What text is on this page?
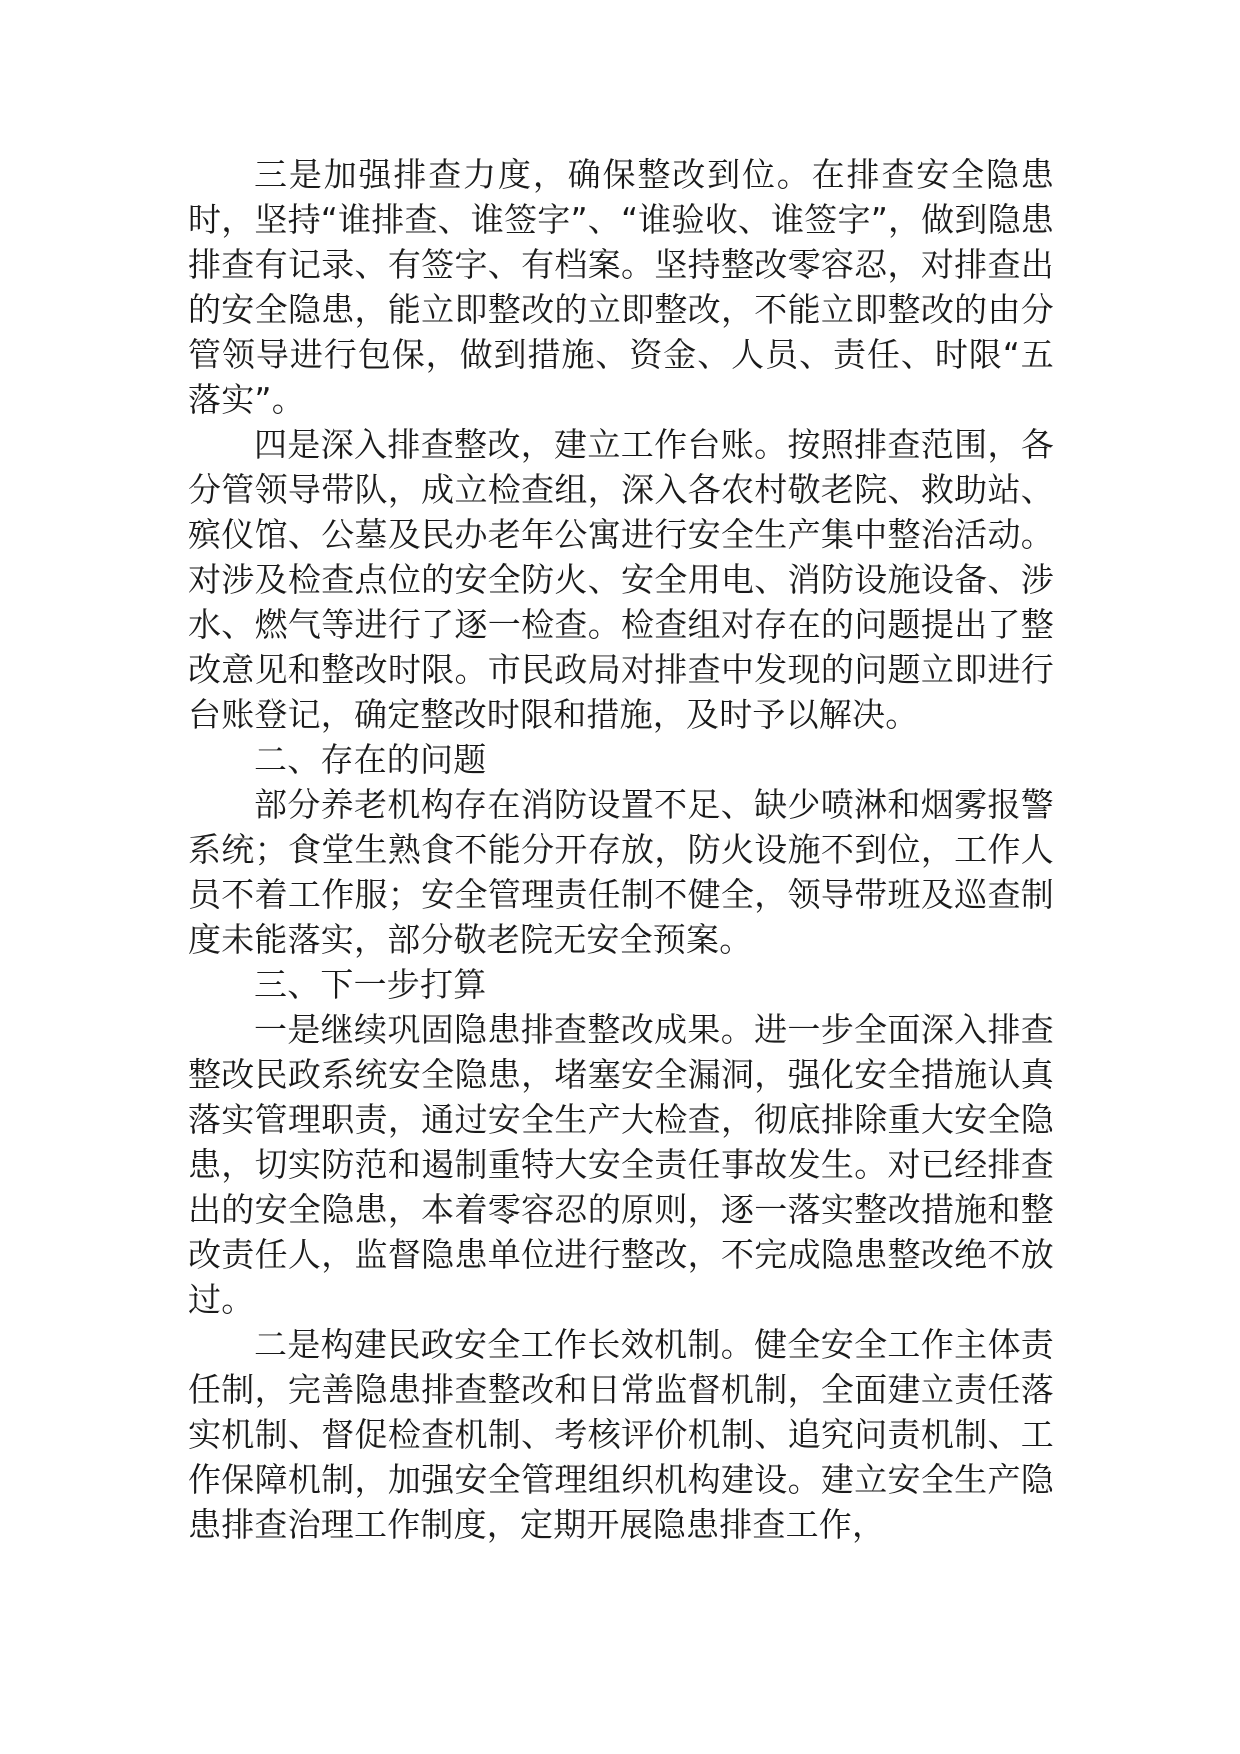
三是加强排查力度，确保整改到位。在排查安全隐患时，坚持“谁排查、谁签字”、“谁验收、谁签字”，做到隐患排查有记录、有签字、有档案。坚持整改零容忍，对排查出的安全隐患，能立即整改的立即整改，不能立即整改的由分管领导进行包保，做到措施、资金、人员、责任、时限“五落实”。

四是深入排查整改，建立工作台账。按照排查范围，各分管领导带队，成立检查组，深入各农村敬老院、救助站、殡仪馆、公墓及民办老年公寓进行安全生产集中整治活动。对涉及检查点位的安全防火、安全用电、消防设施设备、涉水、燃气等进行了逐一检查。检查组对存在的问题提出了整改意见和整改时限。市民政局对排查中发现的问题立即进行台账登记，确定整改时限和措施，及时予以解决。

二、存在的问题

部分养老机构存在消防设置不足、缺少喷淋和烟雾报警系统；食堂生熟食不能分开存放，防火设施不到位，工作人员不着工作服；安全管理责任制不健全，领导带班及巡查制度未能落实，部分敬老院无安全预案。

三、下一步打算

一是继续巩固隐患排查整改成果。进一步全面深入排查整改民政系统安全隐患，堵塞安全漏洞，强化安全措施认真落实管理职责，通过安全生产大检查，彻底排除重大安全隐患，切实防范和遏制重特大安全责任事故发生。对已经排查出的安全隐患，本着零容忍的原则，逐一落实整改措施和整改责任人，监督隐患单位进行整改，不完成隐患整改绝不放过。

二是构建民政安全工作长效机制。健全安全工作主体责任制，完善隐患排查整改和日常监督机制，全面建立责任落实机制、督促检查机制、考核评价机制、追究问责机制、工作保障机制，加强安全管理组织机构建设。建立安全生产隐患排查治理工作制度，定期开展隐患排查工作，
